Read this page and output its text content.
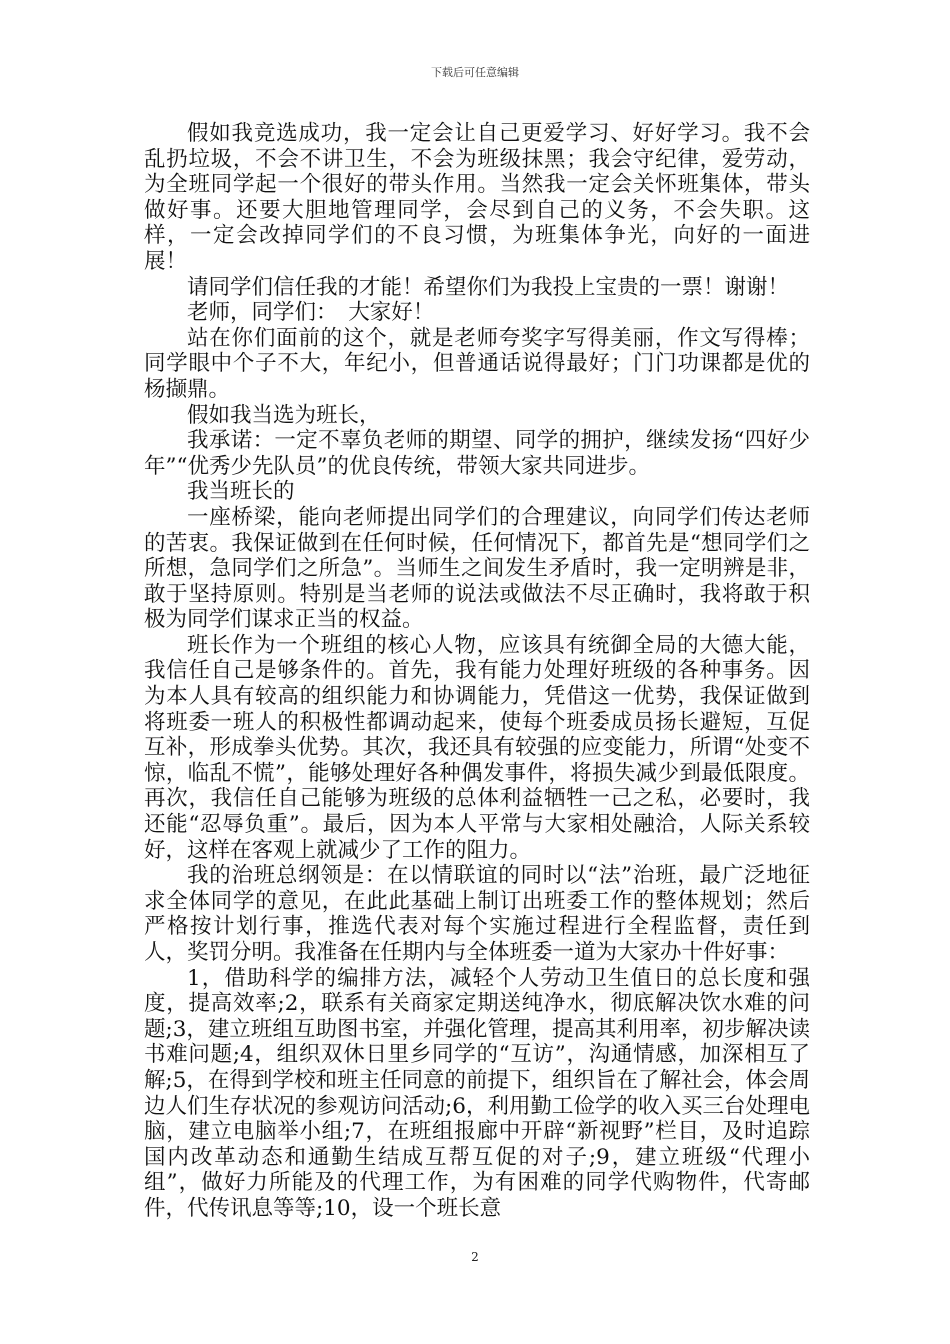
下载后可任意编辑

假如我竞选成功，我一定会让自己更爱学习、好好学习。我不会乱扔垃圾，不会不讲卫生，不会为班级抹黑；我会守纪律，爱劳动，为全班同学起一个很好的带头作用。当然我一定会关怀班集体，带头做好事。还要大胆地管理同学，会尽到自己的义务，不会失职。这样，一定会改掉同学们的不良习惯，为班集体争光，向好的一面进展！

请同学们信任我的才能！希望你们为我投上宝贵的一票！谢谢！

老师，同学们：　大家好！

站在你们面前的这个，就是老师夸奖字写得美丽，作文写得棒；同学眼中个子不大，年纪小，但普通话说得最好；门门功课都是优的杨撷鼎。

假如我当选为班长，

我承诺：一定不辜负老师的期望、同学的拥护，继续发扬“四好少年”“优秀少先队员”的优良传统，带领大家共同进步。

我当班长的

一座桥梁，能向老师提出同学们的合理建议，向同学们传达老师的苦衷。我保证做到在任何时候，任何情况下，都首先是“想同学们之所想，急同学们之所急”。当师生之间发生矛盾时，我一定明辨是非，敢于坚持原则。特别是当老师的说法或做法不尽正确时，我将敢于积极为同学们谋求正当的权益。

班长作为一个班组的核心人物，应该具有统御全局的大德大能，我信任自己是够条件的。首先，我有能力处理好班级的各种事务。因为本人具有较高的组织能力和协调能力，凭借这一优势，我保证做到将班委一班人的积极性都调动起来，使每个班委成员扬长避短，互促互补，形成拳头优势。其次，我还具有较强的应变能力，所谓“处变不惊，临乱不慌”，能够处理好各种偶发事件，将损失减少到最低限度。再次，我信任自己能够为班级的总体利益牺牲一己之私，必要时，我还能“忍辱负重”。最后，因为本人平常与大家相处融洽，人际关系较好，这样在客观上就减少了工作的阻力。

我的治班总纲领是：在以情联谊的同时以“法”治班，最广泛地征求全体同学的意见，在此此基础上制订出班委工作的整体规划；然后严格按计划行事，推选代表对每个实施过程进行全程监督，责任到人，奖罚分明。我准备在任期内与全体班委一道为大家办十件好事：

1，借助科学的编排方法，减轻个人劳动卫生值日的总长度和强度，提高效率;2，联系有关商家定期送纯净水，彻底解决饮水难的问题;3，建立班组互助图书室，并强化管理，提高其利用率，初步解决读书难问题;4，组织双休日里乡同学的“互访”，沟通情感，加深相互了解;5，在得到学校和班主任同意的前提下，组织旨在了解社会，体会周边人们生存状况的参观访问活动;6，利用勤工俭学的收入买三台处理电脑，建立电脑举小组;7，在班组报廊中开辟“新视野”栏目，及时追踪国内改革动态和通勤生结成互帮互促的对子;9，建立班级“代理小组”，做好力所能及的代理工作，为有困难的同学代购物件，代寄邮件，代传讯息等等;10，设一个班长意

2
